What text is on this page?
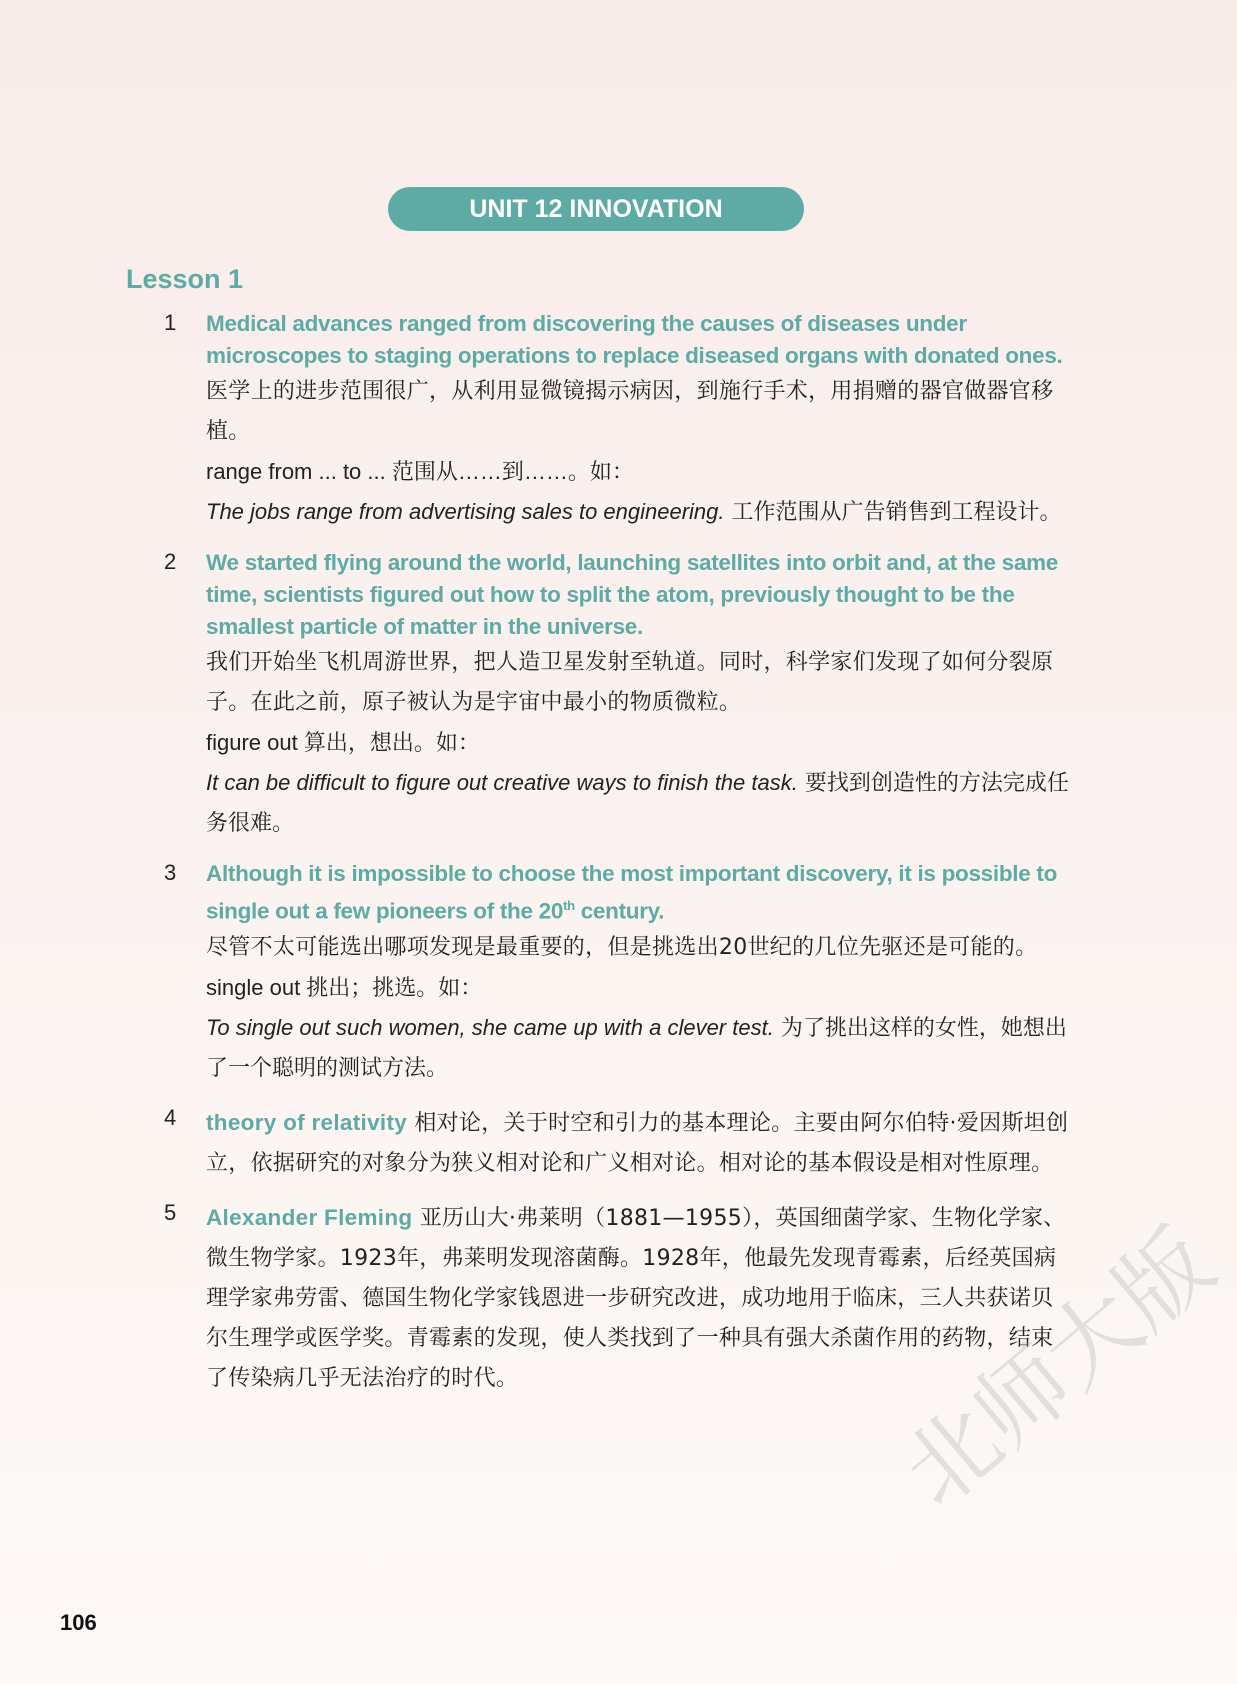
UNIT 12 INNOVATION
Lesson 1
1	Medical advances ranged from discovering the causes of diseases under microscopes to staging operations to replace diseased organs with donated ones.
医学上的进步范围很广，从利用显微镜揭示病因，到施行手术，用捐赠的器官做器官移植。
range from ... to ... 范围从……到……。如：
The jobs range from advertising sales to engineering. 工作范围从广告销售到工程设计。
2	We started flying around the world, launching satellites into orbit and, at the same time, scientists figured out how to split the atom, previously thought to be the smallest particle of matter in the universe.
我们开始坐飞机周游世界，把人造卫星发射至轨道。同时，科学家们发现了如何分裂原子。在此之前，原子被认为是宇宙中最小的物质微粒。
figure out 算出，想出。如：
It can be difficult to figure out creative ways to finish the task. 要找到创造性的方法完成任务很难。
3	Although it is impossible to choose the most important discovery, it is possible to single out a few pioneers of the 20th century.
尽管不太可能选出哪项发现是最重要的，但是挑选出20世纪的几位先驱还是可能的。
single out 挑出；挑选。如：
To single out such women, she came up with a clever test. 为了挑出这样的女性，她想出了一个聪明的测试方法。
4	theory of relativity 相对论，关于时空和引力的基本理论。主要由阿尔伯特·爱因斯坦创立，依据研究的对象分为狭义相对论和广义相对论。相对论的基本假设是相对性原理。
5	Alexander Fleming 亚历山大·弗莱明（1881—1955），英国细菌学家、生物化学家、微生物学家。1923年，弗莱明发现溶菌酶。1928年，他最先发现青霉素，后经英国病理学家弗劳雷、德国生物化学家钱恩进一步研究改进，成功地用于临床，三人共获诺贝尔生理学或医学奖。青霉素的发现，使人类找到了一种具有强大杀菌作用的药物，结束了传染病几乎无法治疗的时代。
106
北师大版
